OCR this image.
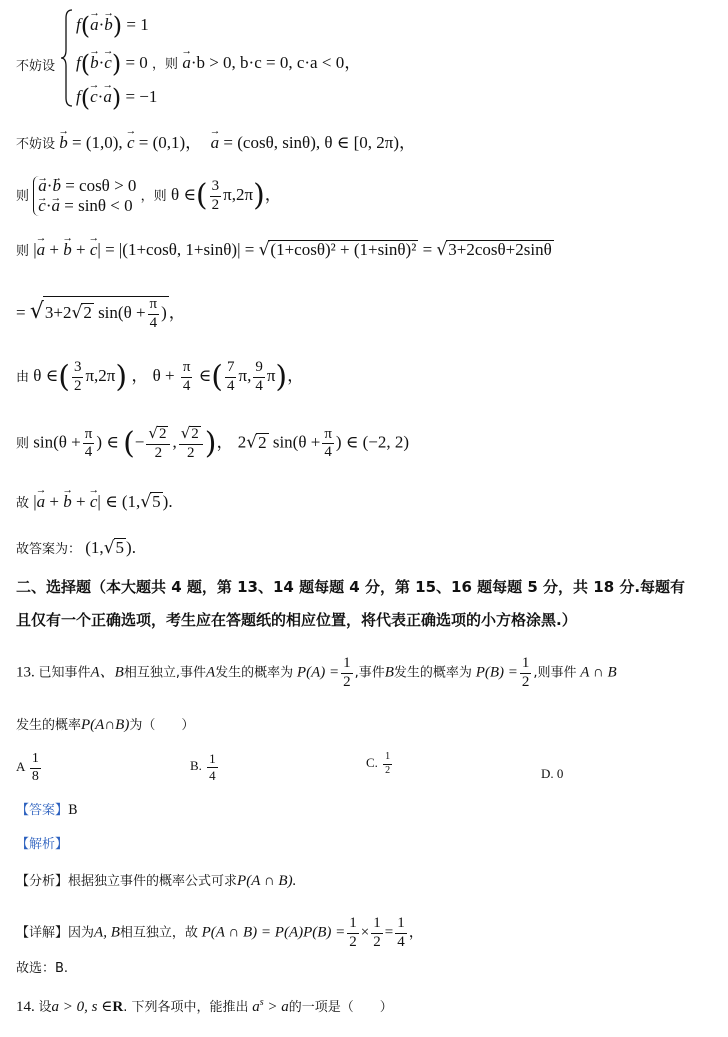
不妨设
f(a →·b →) = 1
f(b →·c →) = 0 ，则 a →·b > 0, b·c = 0, c·a < 0，
f(c →·a →) = −1
不妨设 b → = (1,0), c → = (0,1)， a → = (cosθ, sinθ), θ ∈ [0, 2π)，
则
a →·b → = cosθ > 0
c →·a → = sinθ < 0 ，则 θ ∈( $\frac{3}{2} \pi,2\pi$)，
则 |a → + b → + c →| = |(1+cosθ, 1+sinθ)| = √(1+cosθ)² + (1+sinθ)² = √3+2cosθ+2sinθ
= √3+2√2 $\sin(\theta + \frac{\pi}{4}$ ) ，
由 θ ∈( $\frac{3}{2} \pi,2\pi$) ， $\theta + \frac{\pi}{4}$ ∈( $\frac{7}{4} \pi$, $\frac{9}{4} \pi$)，
则 $\sin(\theta + \frac{\pi}{4}$ ) ∈ (− $\frac{√2}{2}$ , $\frac{√2}{2}$ )， 2√2 $\sin(\theta + \frac{\pi}{4}$ ) ∈ (−2, 2)
故 |a → + b → + c →| ∈ (1,√5 ).
故答案为： (1,√5 ).
二、选择题（本大题共 4 题，第 13、14 题每题 4 分，第 15、16 题每题 5 分，共 18 分.每题有
且仅有一个正确选项，考生应在答题纸的相应位置，将代表正确选项的小方格涂黑.）
13. 已知事件A、B相互独立,事件A发生的概率为 $P(A) = \frac{1}{2}$ ,事件B发生的概率为 $P(B) = \frac{1}{2}$ ,则事件 A ∩ B
发生的概率P(A∩B)为（　　）
A $\frac{1}{8}$	B. $\frac{1}{4}$	C. $\frac{1}{2}$	D. 0
【答案】B
【解析】
【分析】根据独立事件的概率公式可求P(A ∩ B).
【详解】因为A, B相互独立，故 P(A ∩ $B) = P(A)P(B) = \frac{1}{2} \times \frac{1}{2} = \frac{1}{4}$ ，
故选：B.
14. 设a > 0, s ∈R. 下列各项中，能推出 $a^s > a$的一项是（　　）
